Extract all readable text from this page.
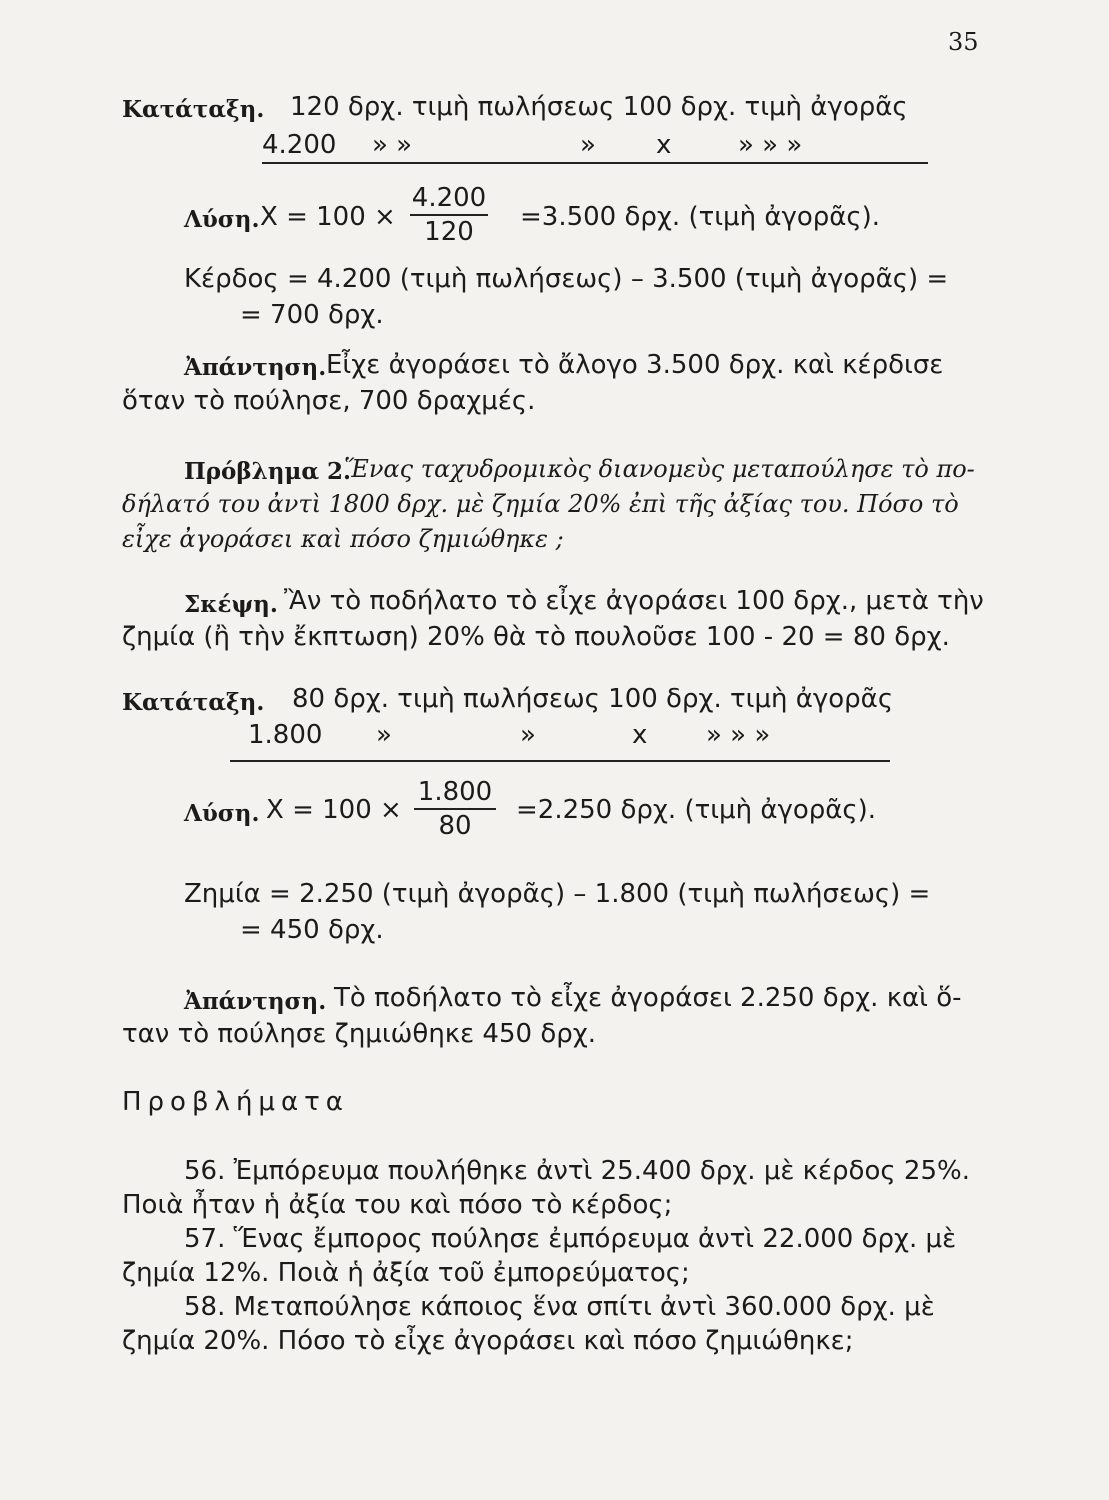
35
Κατάταξη. 120 δρχ. τιμὴ πωλήσεως 100 δρχ. τιμὴ ἀγορᾶς
4.200 » »	» x	» » »
Λύση. X = 100 ×
4.200
120	=3.500 δρχ. (τιμὴ ἀγορᾶς).
Κέρδος = 4.200 (τιμὴ πωλήσεως) – 3.500 (τιμὴ ἀγορᾶς) =
= 700 δρχ.
Ἀπάντηση. Εἶχε ἀγοράσει τὸ ἄλογο 3.500 δρχ. καὶ κέρδισε
ὅταν τὸ πούλησε, 700 δραχμές.
Πρόβλημα 2.
Ἕνας ταχυδρομικὸς διανομεὺς μεταπούλησε τὸ πο-
δήλατό του ἀντὶ 1800 δρχ. μὲ ζημία 20% ἐπὶ τῆς ἀξίας του. Πόσο τὸ
εἶχε ἀγοράσει καὶ πόσο ζημιώθηκε ;
Σκέψη. Ἂν τὸ ποδήλατο τὸ εἶχε ἀγοράσει 100 δρχ., μετὰ τὴν
ζημία (ἢ τὴν ἔκπτωση) 20% θὰ τὸ πουλοῦσε 100 - 20 = 80 δρχ.
Κατάταξη. 80 δρχ. τιμὴ πωλήσεως 100 δρχ. τιμὴ ἀγορᾶς
1.800 »	»	x » » »
Λύση. X = 100 ×
1.800
80
=2.250 δρχ. (τιμὴ ἀγορᾶς).
Ζημία = 2.250 (τιμὴ ἀγορᾶς) – 1.800 (τιμὴ πωλήσεως) =
= 450 δρχ.
Ἀπάντηση. Τὸ ποδήλατο τὸ εἶχε ἀγοράσει 2.250 δρχ. καὶ ὅ-
ταν τὸ πούλησε ζημιώθηκε 450 δρχ.
Προβλήματα
56. Ἐμπόρευμα πουλήθηκε ἀντὶ 25.400 δρχ. μὲ κέρδος 25%.
Ποιὰ ἦταν ἡ ἀξία του καὶ πόσο τὸ κέρδος;
57. Ἕνας ἔμπορος πούλησε ἐμπόρευμα ἀντὶ 22.000 δρχ. μὲ
ζημία 12%. Ποιὰ ἡ ἀξία τοῦ ἐμπορεύματος;
58. Μεταπούλησε κάποιος ἕνα σπίτι ἀντὶ 360.000 δρχ. μὲ
ζημία 20%. Πόσο τὸ εἶχε ἀγοράσει καὶ πόσο ζημιώθηκε;
